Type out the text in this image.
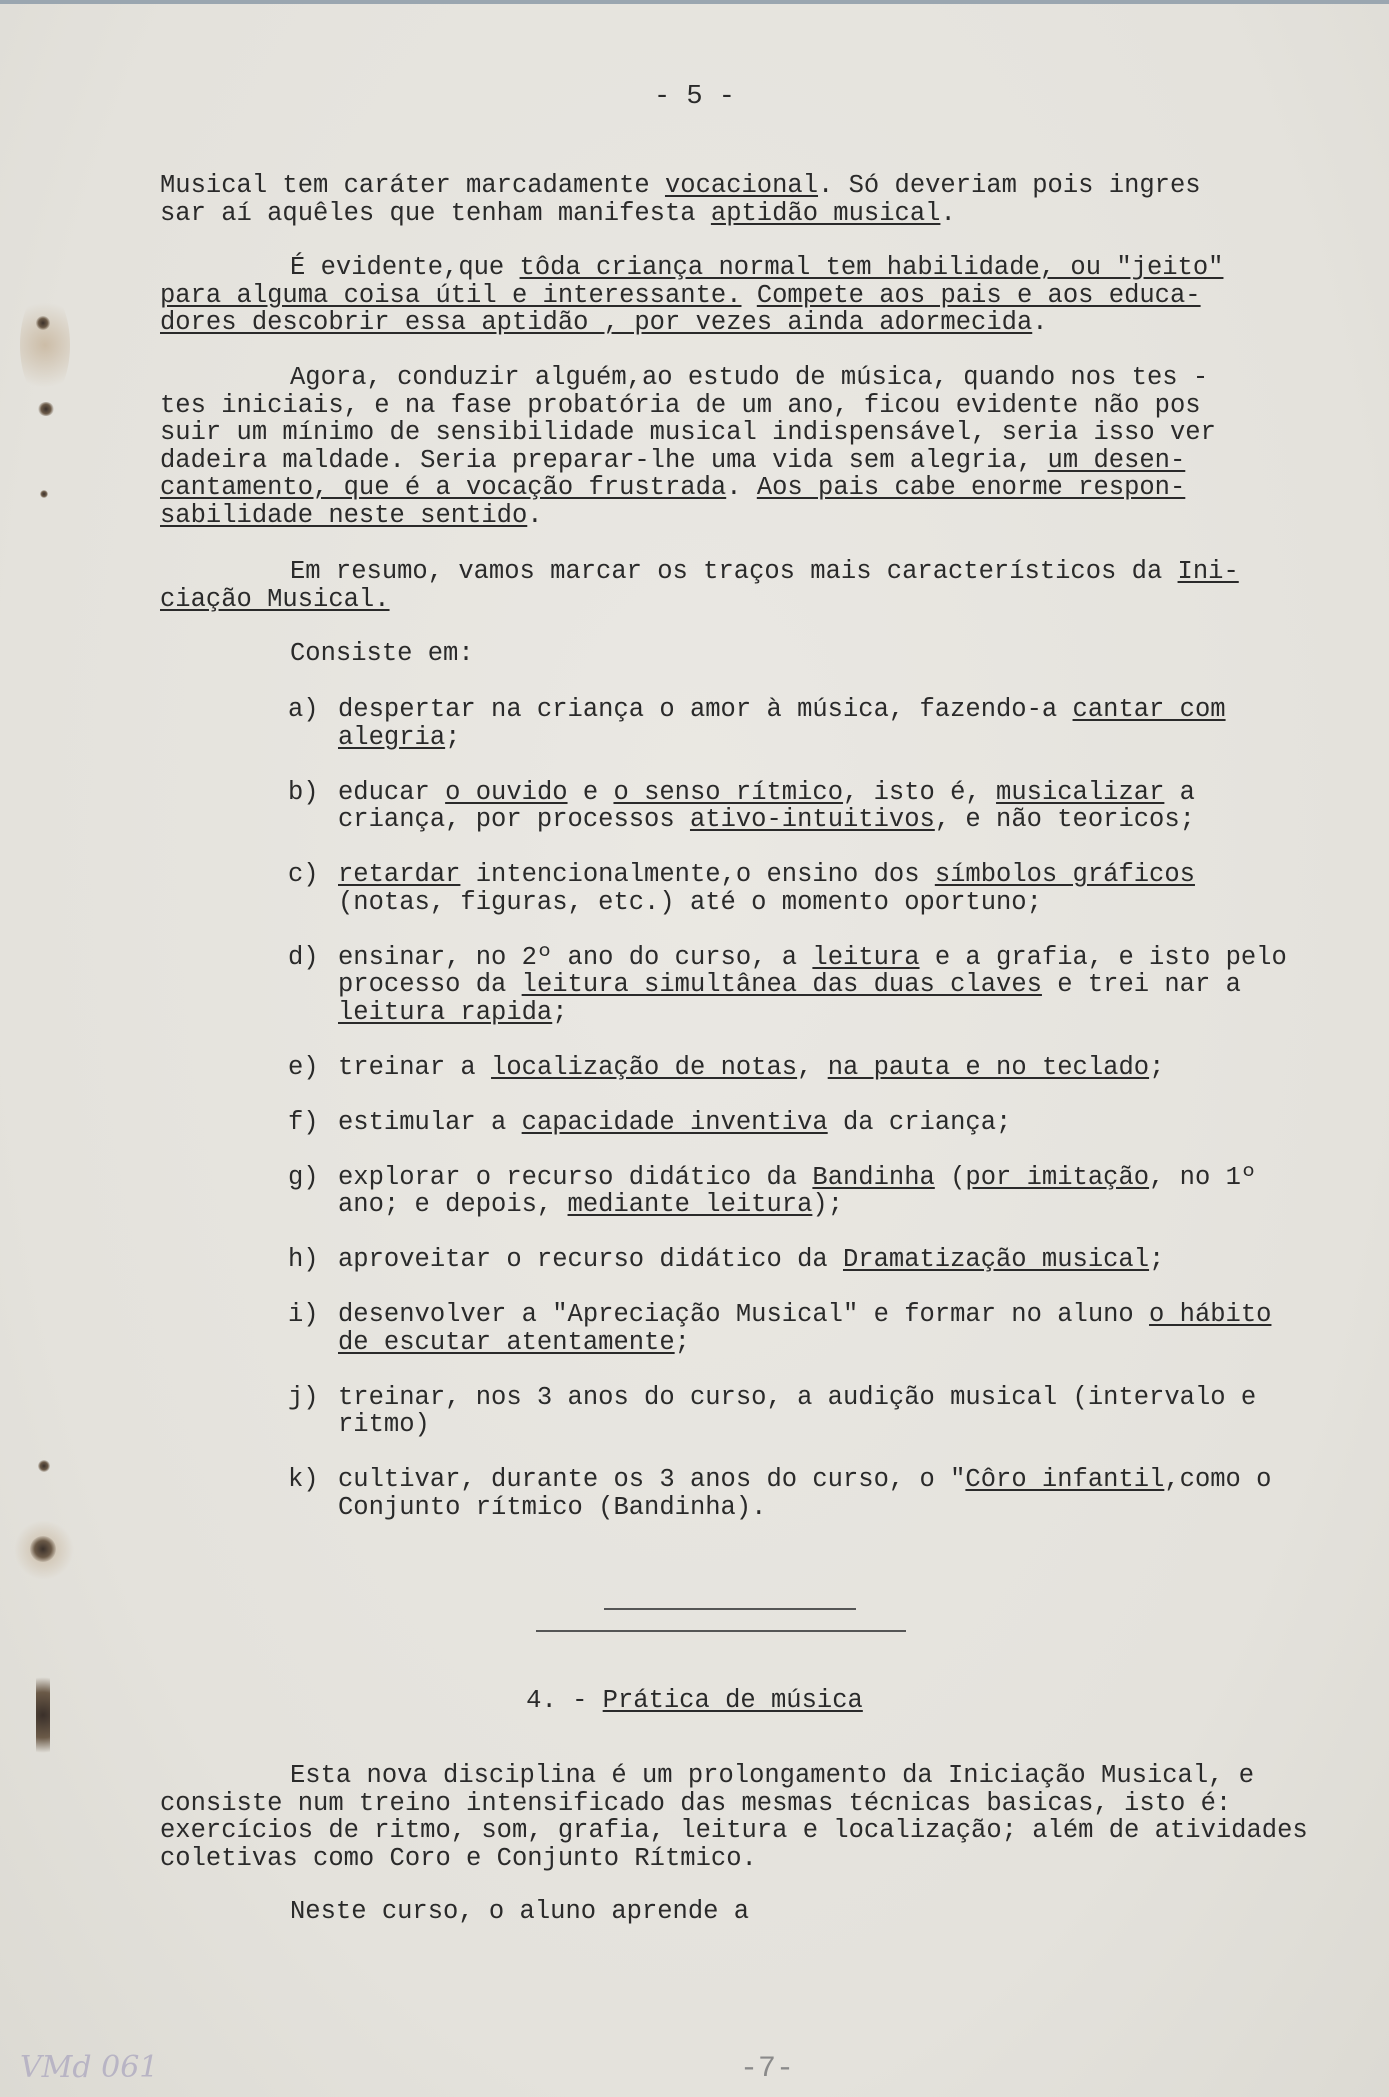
- 5 -
Musical tem caráter marcadamente vocacional. Só deveriam pois ingres
sar aí aquêles que tenham manifesta aptidão musical.
É evidente,que tôda criança normal tem habilidade, ou "jeito"
para alguma coisa útil e interessante. Compete aos pais e aos educa-
dores descobrir essa aptidão , por vezes ainda adormecida.
Agora, conduzir alguém,ao estudo de música, quando nos tes -
tes iniciais, e na fase probatória de um ano, ficou evidente não pos
suir um mínimo de sensibilidade musical indispensável, seria isso ver
dadeira maldade. Seria preparar-lhe uma vida sem alegria, um desen-
cantamento, que é a vocação frustrada. Aos pais cabe enorme respon-
sabilidade neste sentido.
Em resumo, vamos marcar os traços mais característicos da Ini-
ciação Musical.
Consiste em:
a) despertar na criança o amor à música, fazendo-a cantar com alegria;
b) educar o ouvido e o senso rítmico, isto é, musicalizar a criança, por processos ativo-intuitivos, e não teoricos;
c) retardar intencionalmente,o ensino dos símbolos gráficos (notas, figuras, etc.) até o momento oportuno;
d) ensinar, no 2º ano do curso, a leitura e a grafia, e isto pelo processo da leitura simultânea das duas claves e trei nar a leitura rapida;
e) treinar a localização de notas, na pauta e no teclado;
f) estimular a capacidade inventiva da criança;
g) explorar o recurso didático da Bandinha (por imitação, no 1º ano; e depois, mediante leitura);
h) aproveitar o recurso didático da Dramatização musical;
i) desenvolver a "Apreciação Musical" e formar no aluno o hábito de escutar atentamente;
j) treinar, nos 3 anos do curso, a audição musical (intervalo e ritmo)
k) cultivar, durante os 3 anos do curso, o "Côro infantil,como o Conjunto rítmico (Bandinha).
4. - Prática de música
Esta nova disciplina é um prolongamento da Iniciação Musical, e consiste num treino intensificado das mesmas técnicas basicas, isto é: exercícios de ritmo, som, grafia, leitura e localização; além de atividades coletivas como Coro e Conjunto Rítmico.
Neste curso, o aluno aprende a
VMd 061	-7-
